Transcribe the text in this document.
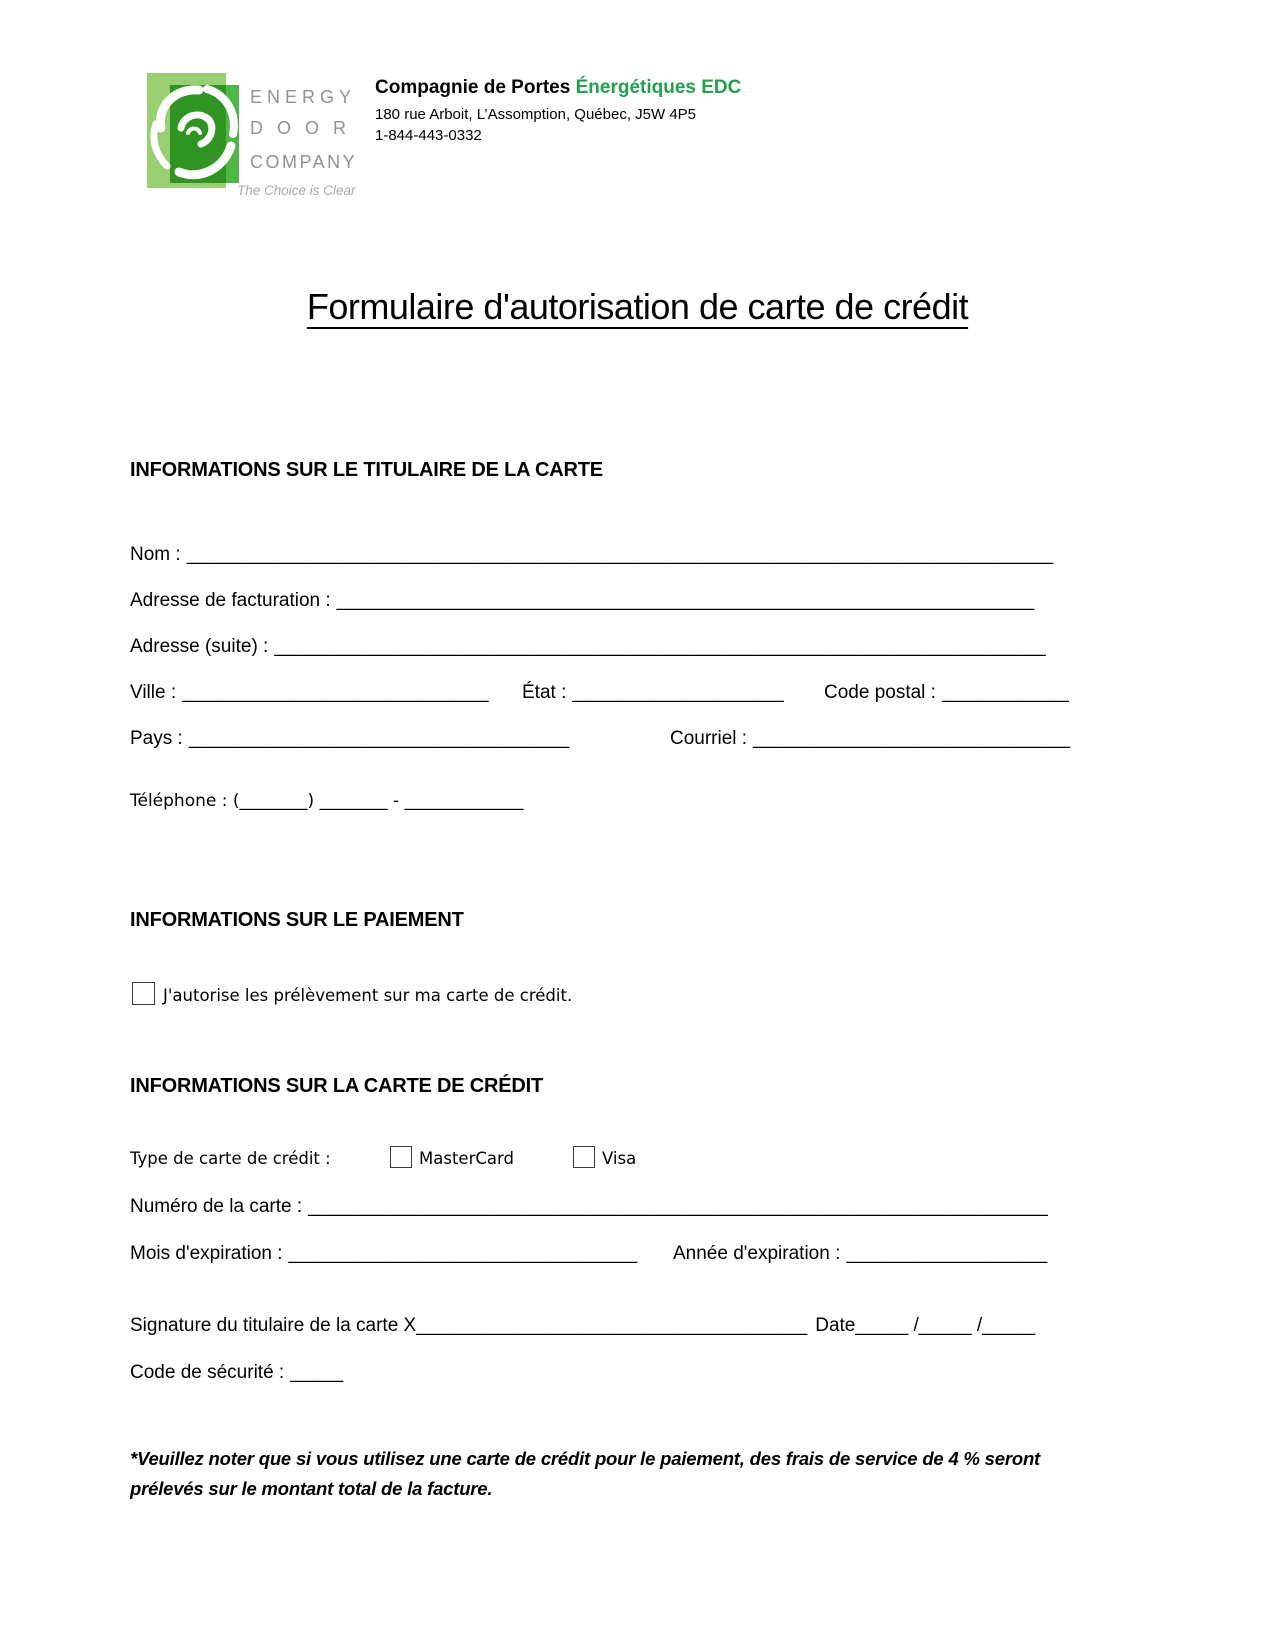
ENERGY
DOOR
COMPANY
The Choice is Clear
Compagnie de Portes Énergétiques EDC
180 rue Arboit, L’Assomption, Québec, J5W 4P5
1-844-443-0332
Formulaire d'autorisation de carte de crédit
INFORMATIONS SUR LE TITULAIRE DE LA CARTE
Nom : __________________________________________________________________________________
Adresse de facturation : __________________________________________________________________
Adresse (suite) : _________________________________________________________________________
Ville : _____________________________ État : ____________________ Code postal : ____________
Pays : ____________________________________	Courriel : ______________________________
Téléphone : (________) ________ - ______________
INFORMATIONS SUR LE PAIEMENT
J'autorise les prélèvement sur ma carte de crédit.
INFORMATIONS SUR LA CARTE DE CRÉDIT
Type de carte de crédit :	MasterCard	Visa
Numéro de la carte : ______________________________________________________________________
Mois d'expiration : _________________________________ Année d'expiration : ___________________
Signature du titulaire de la carte X_____________________________________ Date_____ /_____ /_____
Code de sécurité : _____
*Veuillez noter que si vous utilisez une carte de crédit pour le paiement, des frais de service de 4 % seront
prélevés sur le montant total de la facture.
